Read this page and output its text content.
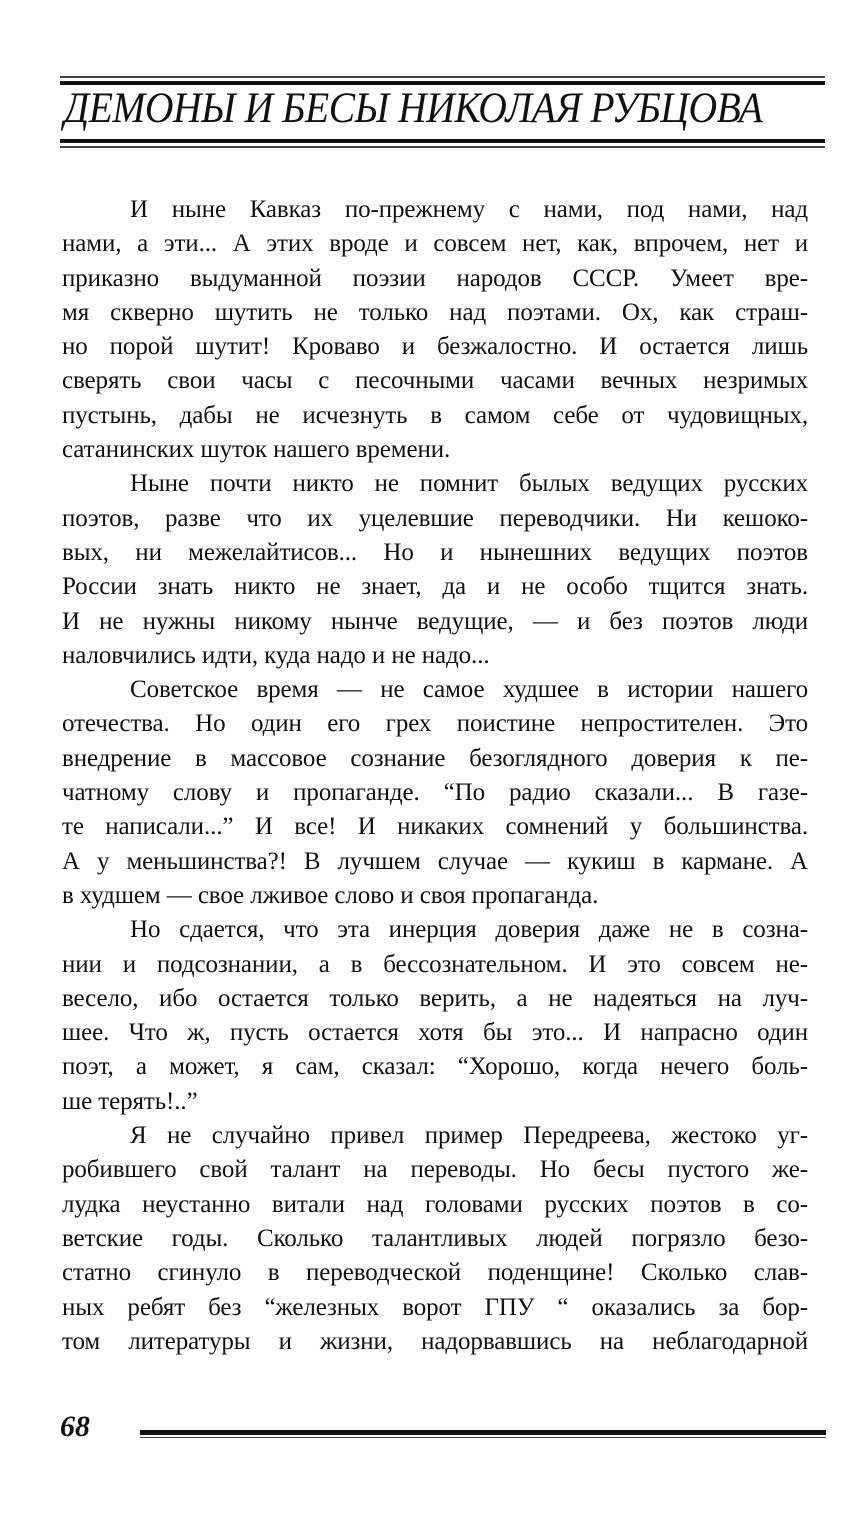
ДЕМОНЫ И БЕСЫ НИКОЛАЯ РУБЦОВА
И ныне Кавказ по-прежнему с нами, под нами, над
нами, а эти... А этих вроде и совсем нет, как, впрочем, нет и
приказно выдуманной поэзии народов СССР. Умеет вре-
мя скверно шутить не только над поэтами. Ох, как страш-
но порой шутит! Кроваво и безжалостно. И остается лишь
сверять свои часы с песочными часами вечных незримых
пустынь, дабы не исчезнуть в самом себе от чудовищных,
сатанинских шуток нашего времени.
Ныне почти никто не помнит былых ведущих русских
поэтов, разве что их уцелевшие переводчики. Ни кешоко-
вых, ни межелайтисов... Но и нынешних ведущих поэтов
России знать никто не знает, да и не особо тщится знать.
И не нужны никому нынче ведущие, — и без поэтов люди
наловчились идти, куда надо и не надо...
Советское время — не самое худшее в истории нашего
отечества. Но один его грех поистине непростителен. Это
внедрение в массовое сознание безоглядного доверия к пе-
чатному слову и пропаганде. “По радио сказали... В газе-
те написали...” И все! И никаких сомнений у большинства.
А у меньшинства?! В лучшем случае — кукиш в кармане. А
в худшем — свое лживое слово и своя пропаганда.
Но сдается, что эта инерция доверия даже не в созна-
нии и подсознании, а в бессознательном. И это совсем не-
весело, ибо остается только верить, а не надеяться на луч-
шее. Что ж, пусть остается хотя бы это... И напрасно один
поэт, а может, я сам, сказал: “Хорошо, когда нечего боль-
ше терять!..”
Я не случайно привел пример Передреева, жестоко уг-
робившего свой талант на переводы. Но бесы пустого же-
лудка неустанно витали над головами русских поэтов в со-
ветские годы. Сколько талантливых людей погрязло безо-
статно сгинуло в переводческой поденщине! Сколько слав-
ных ребят без “железных ворот ГПУ “ оказались за бор-
том литературы и жизни, надорвавшись на неблагодарной
68
